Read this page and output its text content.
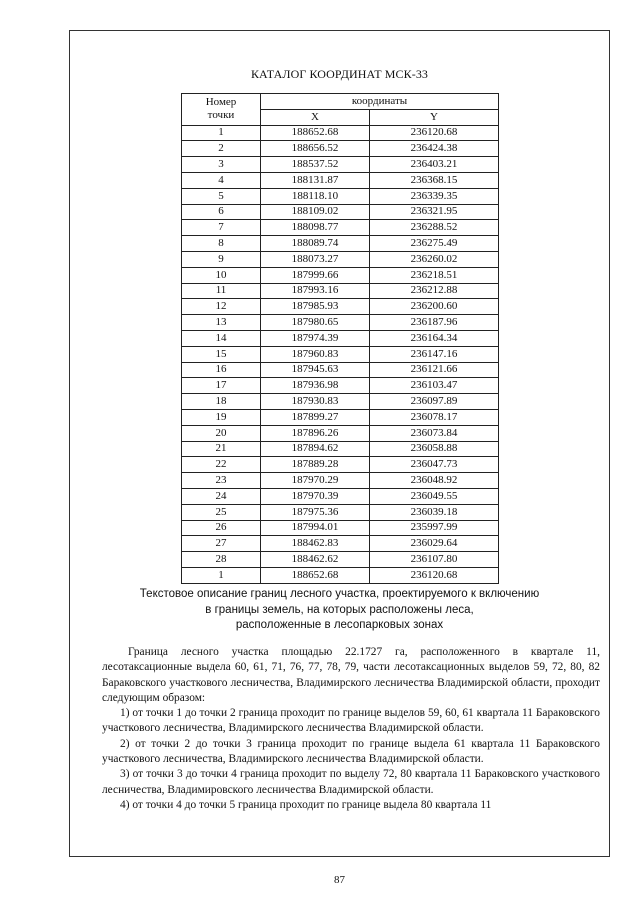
КАТАЛОГ КООРДИНАТ МСК-33
Номер
точки	координаты	
	X	Y
1	188652.68	236120.68
2	188656.52	236424.38
3	188537.52	236403.21
4	188131.87	236368.15
5	188118.10	236339.35
6	188109.02	236321.95
7	188098.77	236288.52
8	188089.74	236275.49
9	188073.27	236260.02
10	187999.66	236218.51
11	187993.16	236212.88
12	187985.93	236200.60
13	187980.65	236187.96
14	187974.39	236164.34
15	187960.83	236147.16
16	187945.63	236121.66
17	187936.98	236103.47
18	187930.83	236097.89
19	187899.27	236078.17
20	187896.26	236073.84
21	187894.62	236058.88
22	187889.28	236047.73
23	187970.29	236048.92
24	187970.39	236049.55
25	187975.36	236039.18
26	187994.01	235997.99
27	188462.83	236029.64
28	188462.62	236107.80
1	188652.68	236120.68
Текстовое описание границ лесного участка, проектируемого к включению
в границы земель, на которых расположены леса,
расположенные в лесопарковых зонах

Граница лесного участка площадью 22.1727 га, расположенного в квартале 11, лесотаксационные выдела 60, 61, 71, 76, 77, 78, 79, части лесотаксационных выделов 59, 72, 80, 82 Бараковского участкового лесничества, Владимирского лесничества Владимирской области, проходит следующим образом:

1) от точки 1 до точки 2 граница проходит по границе выделов 59, 60, 61 квартала 11 Бараковского участкового лесничества, Владимирского лесничества Владимирской области.

2) от точки 2 до точки 3 граница проходит по границе выдела 61 квартала 11 Бараковского участкового лесничества, Владимирского лесничества Владимирской области.

3) от точки 3 до точки 4 граница проходит по выделу 72, 80 квартала 11 Бараковского участкового лесничества, Владимировского лесничества Владимирской области.

4) от точки 4 до точки 5 граница проходит по границе выдела 80 квартала 11

87
